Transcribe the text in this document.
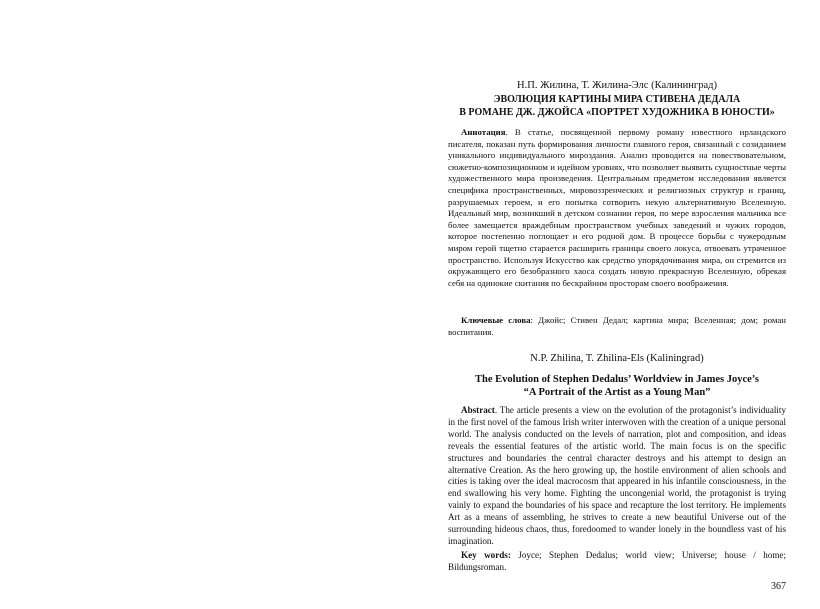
Н.П. Жилина, Т. Жилина-Элс (Калининград)
ЭВОЛЮЦИЯ КАРТИНЫ МИРА СТИВЕНА ДЕДАЛА
В РОМАНЕ ДЖ. ДЖОЙСА «ПОРТРЕТ ХУДОЖНИКА В ЮНОСТИ»
Аннотация. В статье, посвященной первому роману известного ирландского писателя, показан путь формирования личности главного героя, связанный с созиданием уникального индивидуального мироздания. Анализ проводится на повествовательном, сюжетно-композиционном и идейном уровнях, что позволяет выявить сущностные черты художественного мира произведения. Центральным предметом исследования является специфика пространственных, мировоззренческих и религиозных структур и границ, разрушаемых героем, и его попытка сотворить некую альтернативную Вселенную. Идеальный мир, возникший в детском сознании героя, по мере взросления мальчика все более замещается враждебным пространством учебных заведений и чужих городов, которое постепенно поглощает и его родной дом. В процессе борьбы с чужеродным миром герой тщетно старается расширить границы своего локуса, отвоевать утраченное пространство. Используя Искусство как средство упорядочивания мира, он стремится из окружающего его безобразного хаоса создать новую прекрасную Вселенную, обрекая себя на одинокие скитания по бескрайним просторам своего воображения.
Ключевые слова: Джойс; Стивен Дедал; картина мира; Вселенная; дом; роман воспитания.
N.P. Zhilina, T. Zhilina-Els (Kaliningrad)
The Evolution of Stephen Dedalus’ Worldview in James Joyce’s
“A Portrait of the Artist as a Young Man”
Abstract. The article presents a view on the evolution of the protagonist’s individuality in the first novel of the famous Irish writer interwoven with the creation of a unique personal world. The analysis conducted on the levels of narration, plot and composition, and ideas reveals the essential features of the artistic world. The main focus is on the specific structures and boundaries the central character destroys and his attempt to design an alternative Creation. As the hero growing up, the hostile environment of alien schools and cities is taking over the ideal macrocosm that appeared in his infantile consciousness, in the end swallowing his very home. Fighting the uncongenial world, the protagonist is trying vainly to expand the boundaries of his space and recapture the lost territory. He implements Art as a means of assembling, he strives to create a new beautiful Universe out of the surrounding hideous chaos, thus, foredoomed to wander lonely in the boundless vast of his imagination.
Key words: Joyce; Stephen Dedalus; world view; Universe; house / home; Bildungsroman.
367
